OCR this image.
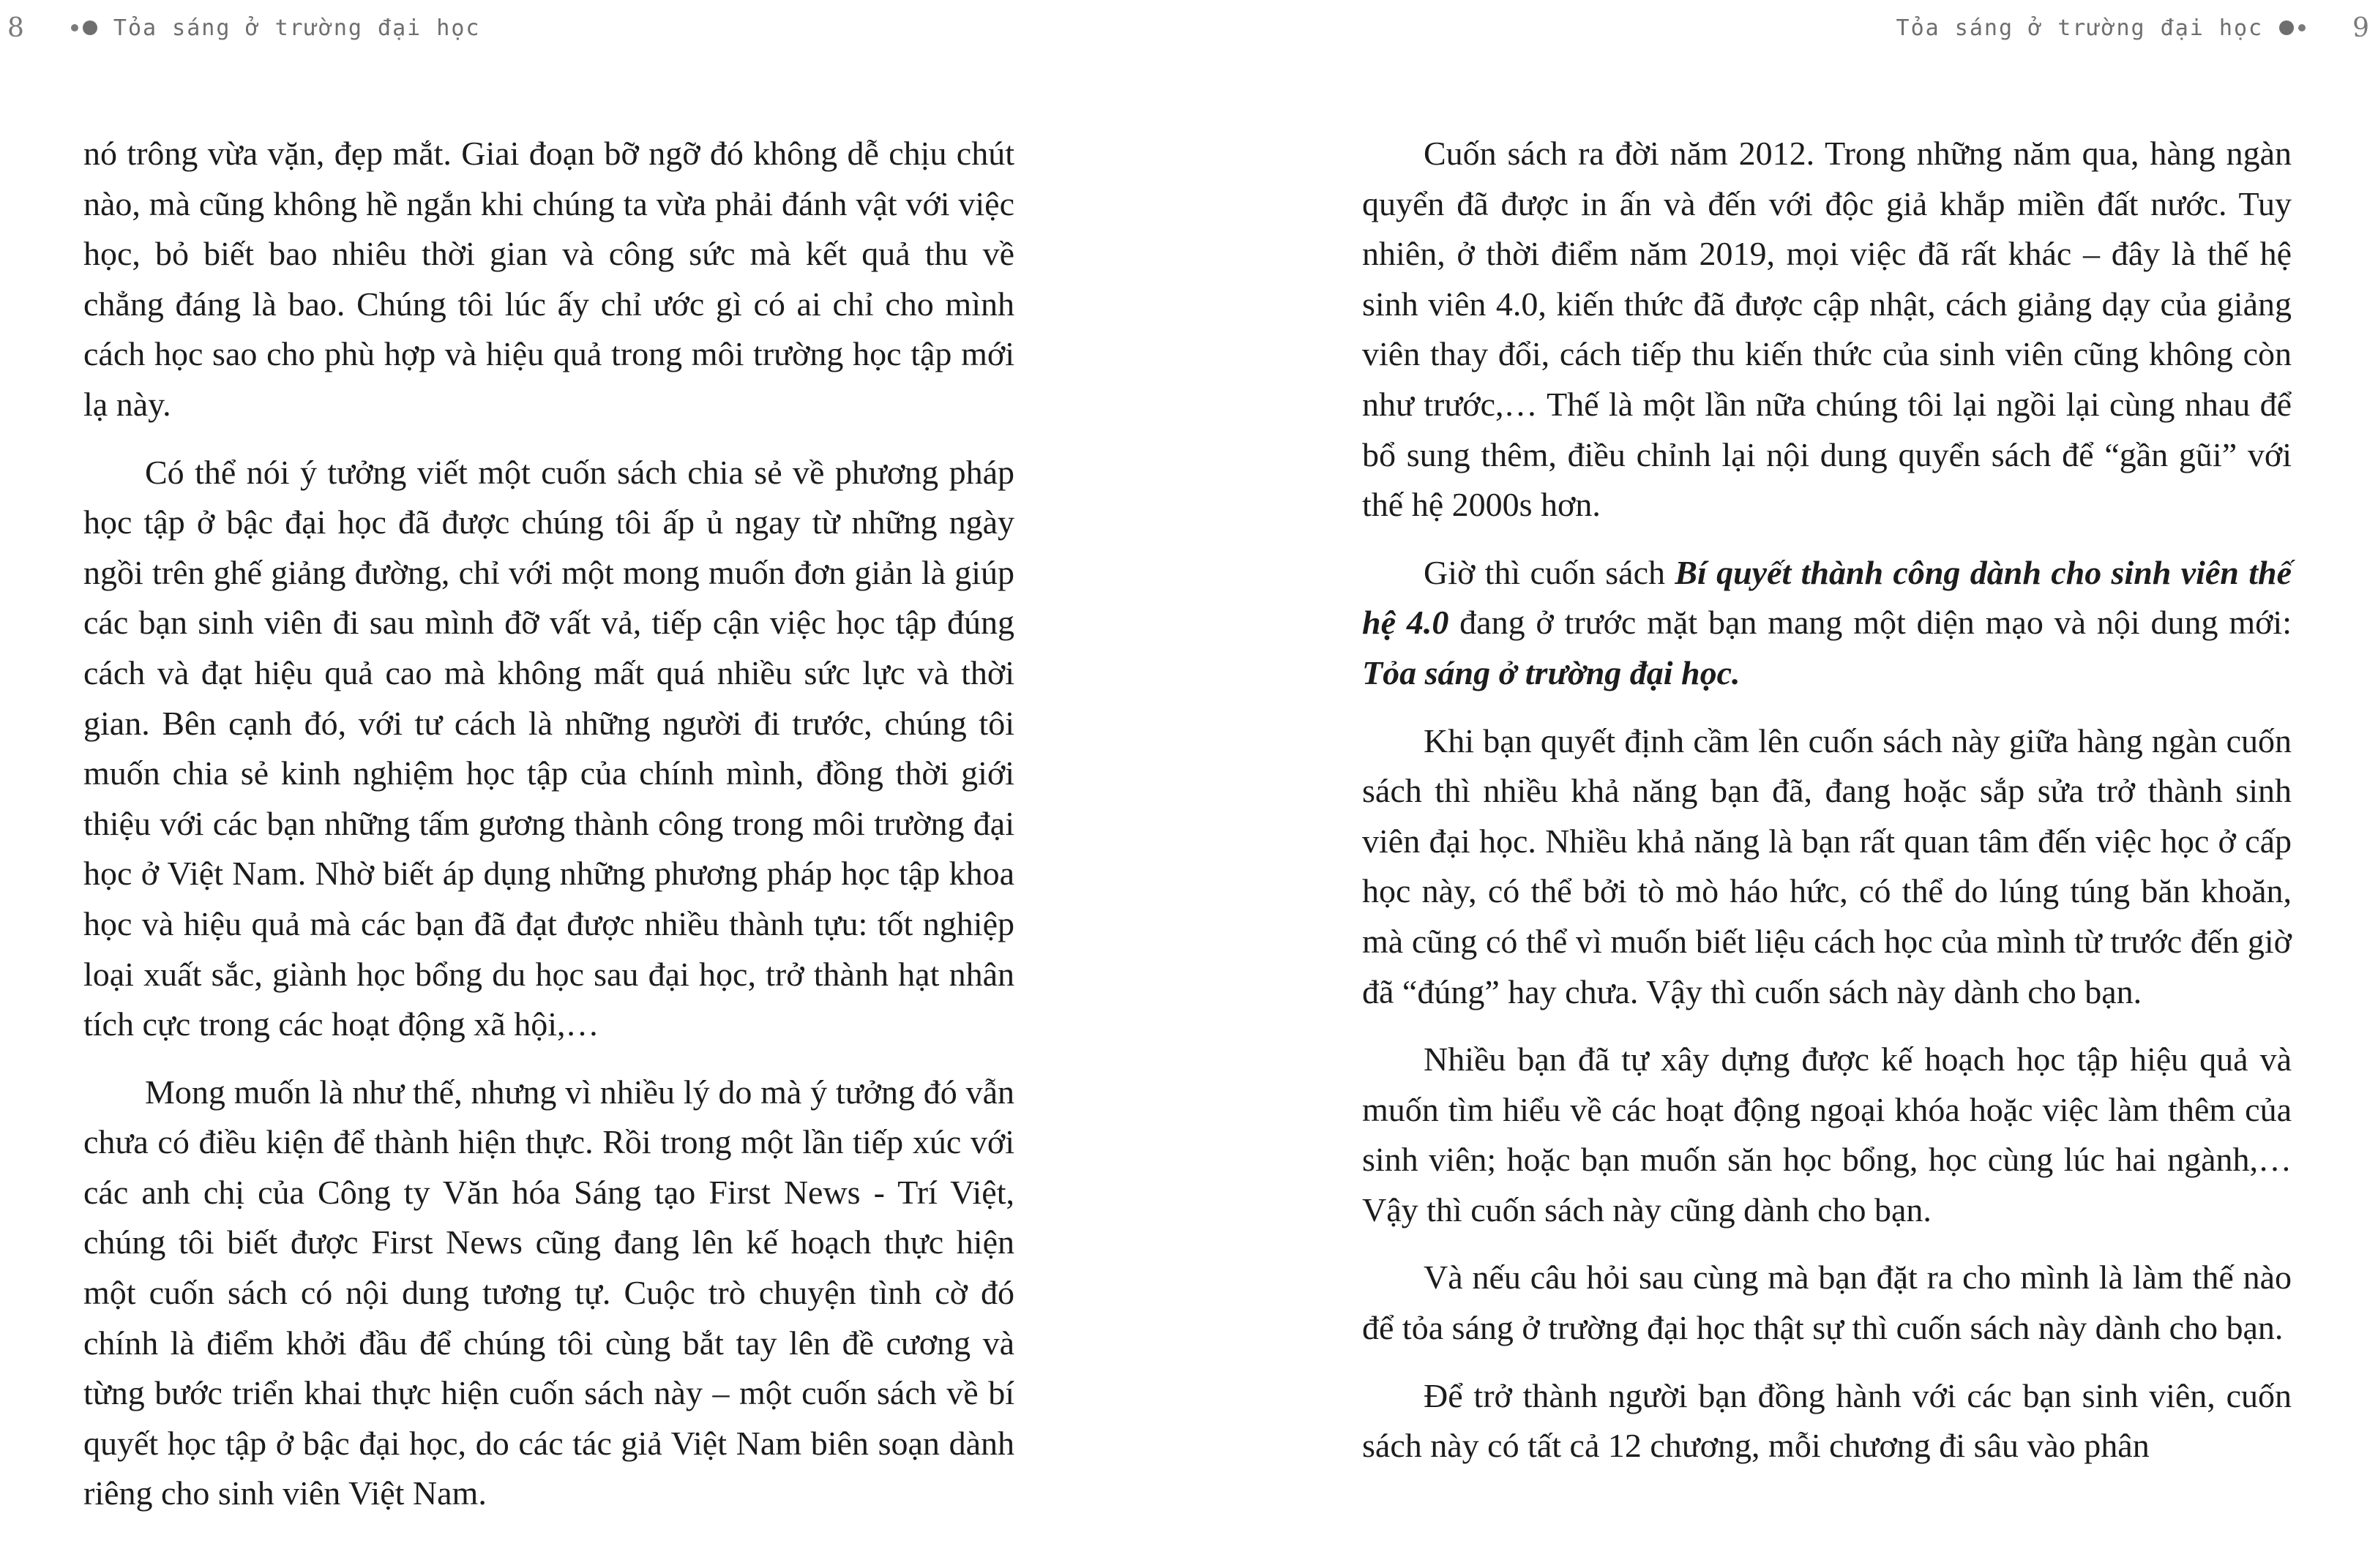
8	Tỏa sáng ở trường đại học

nó trông vừa vặn, đẹp mắt. Giai đoạn bỡ ngỡ đó không dễ chịu chút nào, mà cũng không hề ngắn khi chúng ta vừa phải đánh vật với việc học, bỏ biết bao nhiêu thời gian và công sức mà kết quả thu về chẳng đáng là bao. Chúng tôi lúc ấy chỉ ước gì có ai chỉ cho mình cách học sao cho phù hợp và hiệu quả trong môi trường học tập mới lạ này.

Có thể nói ý tưởng viết một cuốn sách chia sẻ về phương pháp học tập ở bậc đại học đã được chúng tôi ấp ủ ngay từ những ngày ngồi trên ghế giảng đường, chỉ với một mong muốn đơn giản là giúp các bạn sinh viên đi sau mình đỡ vất vả, tiếp cận việc học tập đúng cách và đạt hiệu quả cao mà không mất quá nhiều sức lực và thời gian. Bên cạnh đó, với tư cách là những người đi trước, chúng tôi muốn chia sẻ kinh nghiệm học tập của chính mình, đồng thời giới thiệu với các bạn những tấm gương thành công trong môi trường đại học ở Việt Nam. Nhờ biết áp dụng những phương pháp học tập khoa học và hiệu quả mà các bạn đã đạt được nhiều thành tựu: tốt nghiệp loại xuất sắc, giành học bổng du học sau đại học, trở thành hạt nhân tích cực trong các hoạt động xã hội,…

Mong muốn là như thế, nhưng vì nhiều lý do mà ý tưởng đó vẫn chưa có điều kiện để thành hiện thực. Rồi trong một lần tiếp xúc với các anh chị của Công ty Văn hóa Sáng tạo First News - Trí Việt, chúng tôi biết được First News cũng đang lên kế hoạch thực hiện một cuốn sách có nội dung tương tự. Cuộc trò chuyện tình cờ đó chính là điểm khởi đầu để chúng tôi cùng bắt tay lên đề cương và từng bước triển khai thực hiện cuốn sách này – một cuốn sách về bí quyết học tập ở bậc đại học, do các tác giả Việt Nam biên soạn dành riêng cho sinh viên Việt Nam.

Tỏa sáng ở trường đại học	9

Cuốn sách ra đời năm 2012. Trong những năm qua, hàng ngàn quyển đã được in ấn và đến với độc giả khắp miền đất nước. Tuy nhiên, ở thời điểm năm 2019, mọi việc đã rất khác – đây là thế hệ sinh viên 4.0, kiến thức đã được cập nhật, cách giảng dạy của giảng viên thay đổi, cách tiếp thu kiến thức của sinh viên cũng không còn như trước,… Thế là một lần nữa chúng tôi lại ngồi lại cùng nhau để bổ sung thêm, điều chỉnh lại nội dung quyển sách để “gần gũi” với thế hệ 2000s hơn.

Giờ thì cuốn sách Bí quyết thành công dành cho sinh viên thế hệ 4.0 đang ở trước mặt bạn mang một diện mạo và nội dung mới: Tỏa sáng ở trường đại học.

Khi bạn quyết định cầm lên cuốn sách này giữa hàng ngàn cuốn sách thì nhiều khả năng bạn đã, đang hoặc sắp sửa trở thành sinh viên đại học. Nhiều khả năng là bạn rất quan tâm đến việc học ở cấp học này, có thể bởi tò mò háo hức, có thể do lúng túng băn khoăn, mà cũng có thể vì muốn biết liệu cách học của mình từ trước đến giờ đã “đúng” hay chưa. Vậy thì cuốn sách này dành cho bạn.

Nhiều bạn đã tự xây dựng được kế hoạch học tập hiệu quả và muốn tìm hiểu về các hoạt động ngoại khóa hoặc việc làm thêm của sinh viên; hoặc bạn muốn săn học bổng, học cùng lúc hai ngành,… Vậy thì cuốn sách này cũng dành cho bạn.

Và nếu câu hỏi sau cùng mà bạn đặt ra cho mình là làm thế nào để tỏa sáng ở trường đại học thật sự thì cuốn sách này dành cho bạn.

Để trở thành người bạn đồng hành với các bạn sinh viên, cuốn sách này có tất cả 12 chương, mỗi chương đi sâu vào phân
